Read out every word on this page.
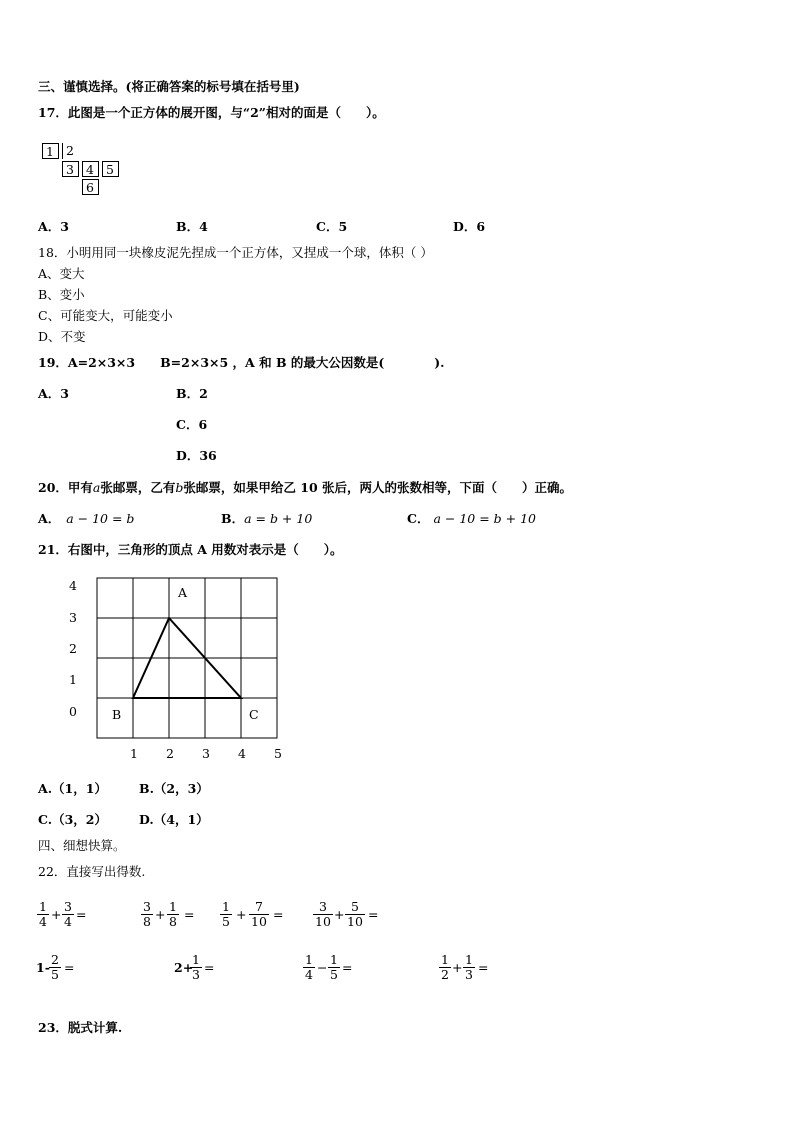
三、谨慎选择。(将正确答案的标号填在括号里)
17．此图是一个正方体的展开图，与“2”相对的面是（　　）。
1 2
3 4 5
6
A．3	B．4	C．5	D．6
18．小明用同一块橡皮泥先捏成一个正方体，又捏成一个球，体积（ ）
A、变大
B、变小
C、可能变大，可能变小
D、不变
19．A=2×3×3　　B=2×3×5 ，A 和 B 的最大公因数是(　　　　).
A．3	B．2
C．6
D．36
20．甲有a张邮票，乙有b张邮票，如果甲给乙 10 张后，两人的张数相等，下面（　　）正确。
A． a − 10 = b	B．a = b + 10	C． a − 10 = b + 10
21．右图中，三角形的顶点 A 用数对表示是（　　）。
A
B	C
0
1
2
3
4
1 2 3 4 5
A.（1，1）	B.（2，3）
C.（3，2）	D.（4，1）
四、细想快算。
22．直接写出得数.
1
4 +
3
4 =
3
8 +
1
8 =
1
5 +
7
10 =
3
10 +
5
10 =
1-
2
5 =	2+
1
3 =
1
4 −
1
5 =
1
2 +
1
3 =
23．脱式计算.
